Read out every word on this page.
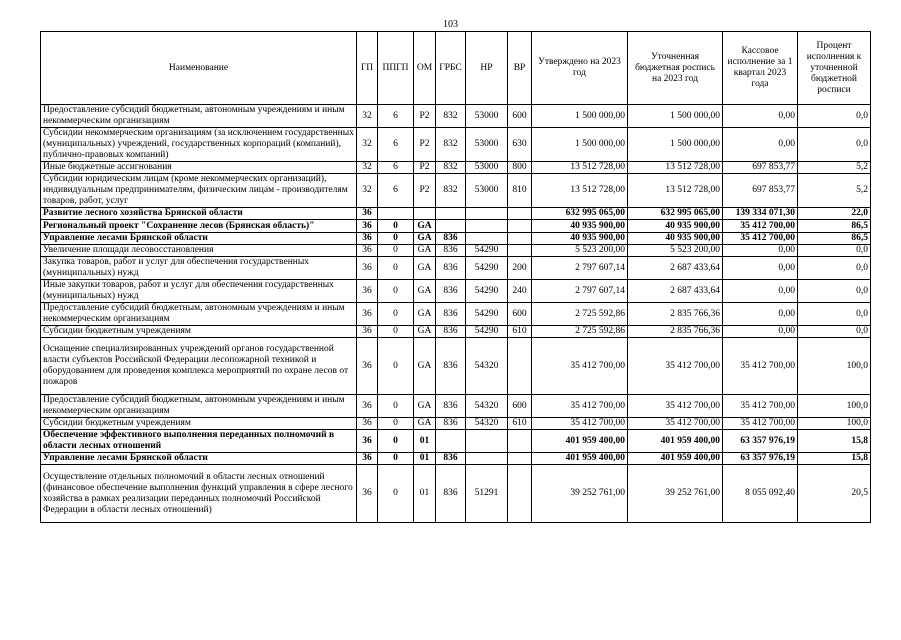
103
Наименование	ГП	ППГП	ОМ	ГРБС	НР	ВР	Утверждено на 2023 год	Уточненная бюджетная роспись на 2023 год	Кассовое исполнение за 1 квартал 2023 года	Процент исполнения к уточненной бюджетной росписи
Предоставление субсидий бюджетным, автономным учреждениям и иным некоммерческим организациям	32	6	P2	832	53000	600	1 500 000,00	1 500 000,00	0,00	0,0
Субсидии некоммерческим организациям (за исключением государственных (муниципальных) учреждений, государственных корпораций (компаний), публично-правовых компаний)	32	6	P2	832	53000	630	1 500 000,00	1 500 000,00	0,00	0,0
Иные бюджетные ассигнования	32	6	P2	832	53000	800	13 512 728,00	13 512 728,00	697 853,77	5,2
Субсидии юридическим лицам (кроме некоммерческих организаций), индивидуальным предпринимателям, физическим лицам - производителям товаров, работ, услуг	32	6	P2	832	53000	810	13 512 728,00	13 512 728,00	697 853,77	5,2
Развитие лесного хозяйства Брянской области	36						632 995 065,00	632 995 065,00	139 334 071,30	22,0
Региональный проект "Сохранение лесов (Брянская область)"	36	0	GA				40 935 900,00	40 935 900,00	35 412 700,00	86,5
Управление лесами Брянской области	36	0	GA	836			40 935 900,00	40 935 900,00	35 412 700,00	86,5
Увеличение площади лесовосстановления	36	0	GA	836	54290		5 523 200,00	5 523 200,00	0,00	0,0
Закупка товаров, работ и услуг для обеспечения государственных (муниципальных) нужд	36	0	GA	836	54290	200	2 797 607,14	2 687 433,64	0,00	0,0
Иные закупки товаров, работ и услуг для обеспечения государственных (муниципальных) нужд	36	0	GA	836	54290	240	2 797 607,14	2 687 433,64	0,00	0,0
Предоставление субсидий бюджетным, автономным учреждениям и иным некоммерческим организациям	36	0	GA	836	54290	600	2 725 592,86	2 835 766,36	0,00	0,0
Субсидии бюджетным учреждениям	36	0	GA	836	54290	610	2 725 592,86	2 835 766,36	0,00	0,0
Оснащение специализированных учреждений органов государственной власти субъектов Российской Федерации лесопожарной техникой и оборудованием для проведения комплекса мероприятий по охране лесов от пожаров	36	0	GA	836	54320		35 412 700,00	35 412 700,00	35 412 700,00	100,0
Предоставление субсидий бюджетным, автономным учреждениям и иным некоммерческим организациям	36	0	GA	836	54320	600	35 412 700,00	35 412 700,00	35 412 700,00	100,0
Субсидии бюджетным учреждениям	36	0	GA	836	54320	610	35 412 700,00	35 412 700,00	35 412 700,00	100,0
Обеспечение эффективного выполнения переданных полномочий в области лесных отношений	36	0	01				401 959 400,00	401 959 400,00	63 357 976,19	15,8
Управление лесами Брянской области	36	0	01	836			401 959 400,00	401 959 400,00	63 357 976,19	15,8
Осуществление отдельных полномочий в области лесных отношений (финансовое обеспечение выполнения функций управления в сфере лесного хозяйства в рамках реализации переданных полномочий Российской Федерации в области лесных отношений)	36	0	01	836	51291		39 252 761,00	39 252 761,00	8 055 092,40	20,5
